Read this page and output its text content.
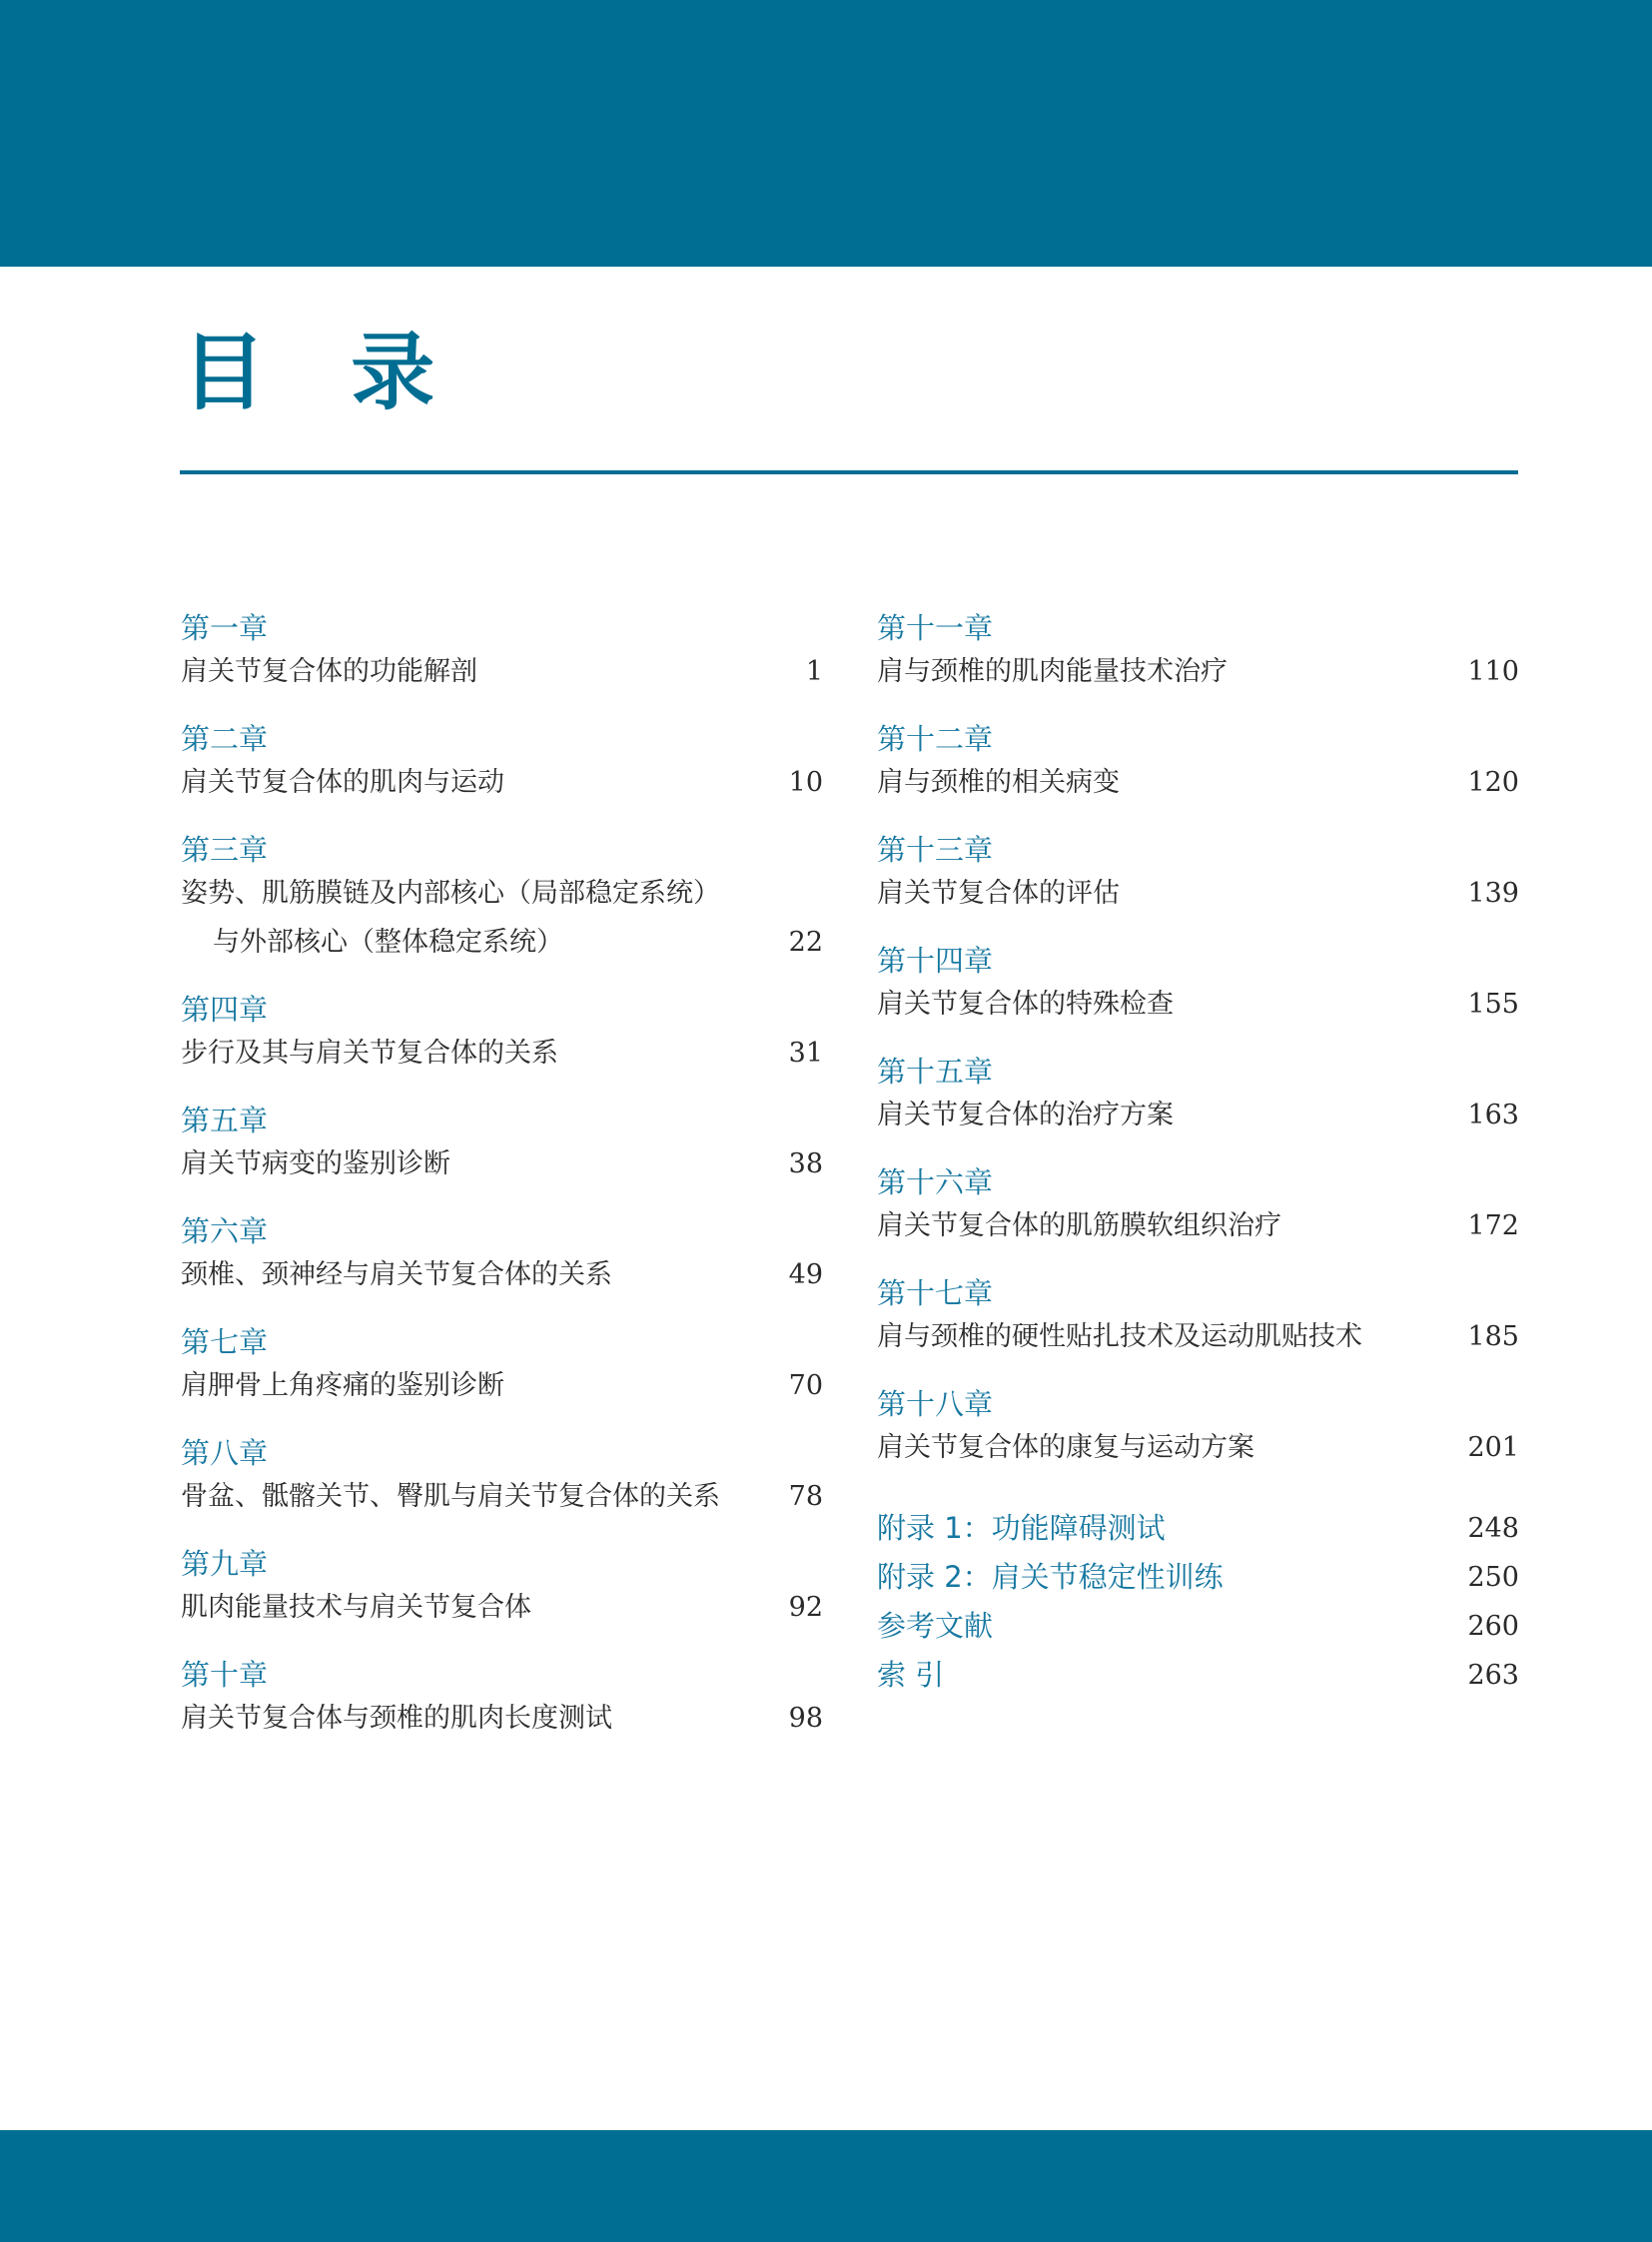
目 录
第一章
肩关节复合体的功能解剖	1
第二章
肩关节复合体的肌肉与运动	10
第三章
姿势、肌筋膜链及内部核心（局部稳定系统）
与外部核心（整体稳定系统）	22
第四章
步行及其与肩关节复合体的关系	31
第五章
肩关节病变的鉴别诊断	38
第六章
颈椎、颈神经与肩关节复合体的关系	49
第七章
肩胛骨上角疼痛的鉴别诊断	70
第八章
骨盆、骶髂关节、臀肌与肩关节复合体的关系	78
第九章
肌肉能量技术与肩关节复合体	92
第十章
肩关节复合体与颈椎的肌肉长度测试	98
第十一章
肩与颈椎的肌肉能量技术治疗	110
第十二章
肩与颈椎的相关病变	120
第十三章
肩关节复合体的评估	139
第十四章
肩关节复合体的特殊检查	155
第十五章
肩关节复合体的治疗方案	163
第十六章
肩关节复合体的肌筋膜软组织治疗	172
第十七章
肩与颈椎的硬性贴扎技术及运动肌贴技术	185
第十八章
肩关节复合体的康复与运动方案	201
附录 1：功能障碍测试	248
附录 2：肩关节稳定性训练	250
参考文献	260
索 引	263
